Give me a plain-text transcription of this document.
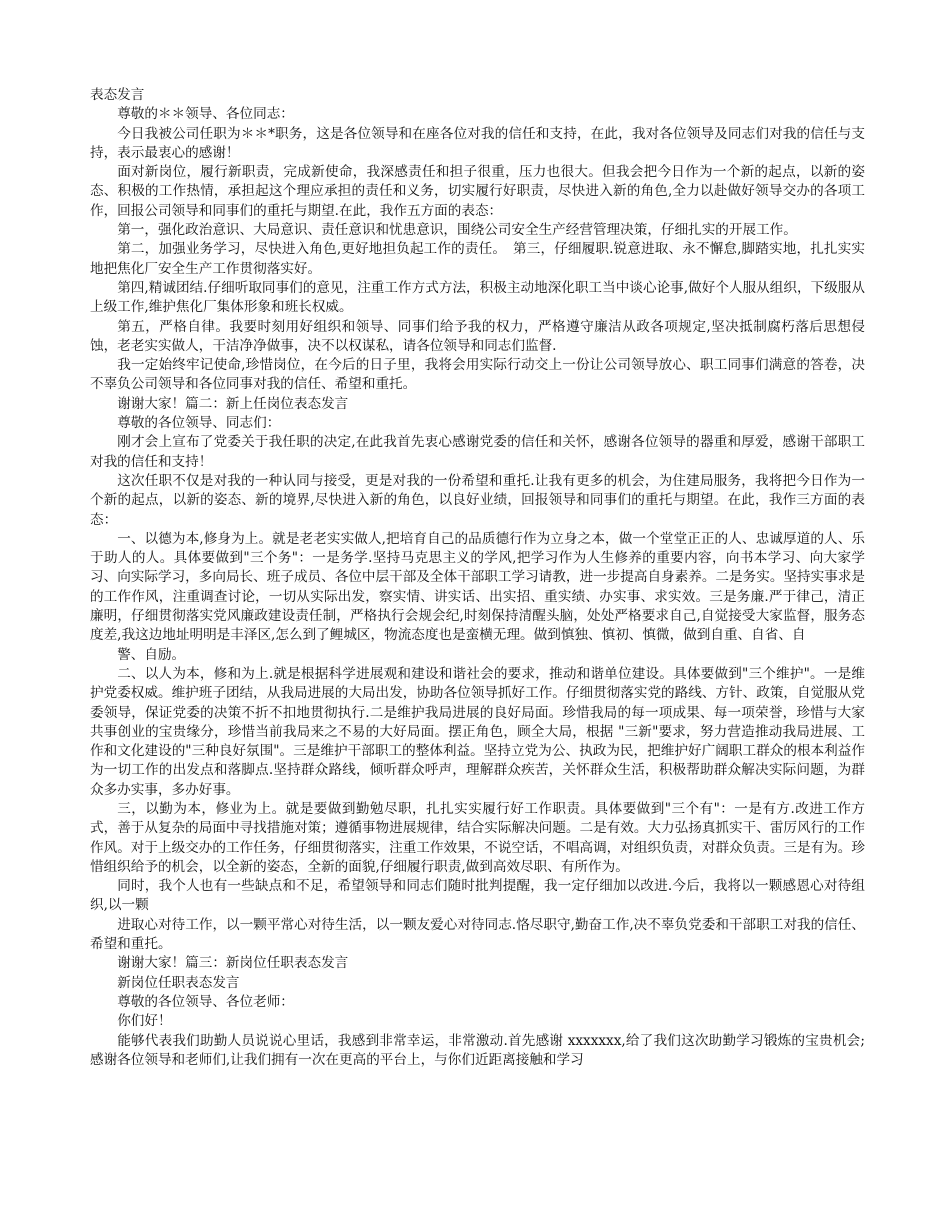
表态发言

尊敬的＊＊领导、各位同志：

今日我被公司任职为＊＊*职务，这是各位领导和在座各位对我的信任和支持，在此，我对各位领导及同志们对我的信任与支持，表示最衷心的感谢！

面对新岗位，履行新职责，完成新使命，我深感责任和担子很重，压力也很大。但我会把今日作为一个新的起点，以新的姿态、积极的工作热情，承担起这个理应承担的责任和义务，切实履行好职责，尽快进入新的角色,全力以赴做好领导交办的各项工作，回报公司领导和同事们的重托与期望.在此，我作五方面的表态：

第一，强化政治意识、大局意识、责任意识和忧患意识，围绕公司安全生产经营管理决策，仔细扎实的开展工作。

第二，加强业务学习，尽快进入角色,更好地担负起工作的责任。　第三，仔细履职.锐意进取、永不懈怠,脚踏实地，扎扎实实地把焦化厂安全生产工作贯彻落实好。

第四,精诚团结.仔细听取同事们的意见，注重工作方式方法，积极主动地深化职工当中谈心论事,做好个人服从组织，下级服从上级工作,维护焦化厂集体形象和班长权威。

第五，严格自律。我要时刻用好组织和领导、同事们给予我的权力，严格遵守廉洁从政各项规定,坚决抵制腐朽落后思想侵蚀，老老实实做人，干洁净净做事，决不以权谋私，请各位领导和同志们监督.

我一定始终牢记使命,珍惜岗位，在今后的日子里，我将会用实际行动交上一份让公司领导放心、职工同事们满意的答卷，决不辜负公司领导和各位同事对我的信任、希望和重托。

谢谢大家！篇二：新上任岗位表态发言

尊敬的各位领导、同志们：

刚才会上宣布了党委关于我任职的决定,在此我首先衷心感谢党委的信任和关怀，感谢各位领导的器重和厚爱，感谢干部职工对我的信任和支持！

这次任职不仅是对我的一种认同与接受，更是对我的一份希望和重托.让我有更多的机会，为住建局服务，我将把今日作为一个新的起点，以新的姿态、新的境界,尽快进入新的角色，以良好业绩，回报领导和同事们的重托与期望。在此，我作三方面的表态：

一、以德为本,修身为上。就是老老实实做人,把培育自己的品质德行作为立身之本，做一个堂堂正正的人、忠诚厚道的人、乐于助人的人。具体要做到"三个务"：一是务学.坚持马克思主义的学风,把学习作为人生修养的重要内容，向书本学习、向大家学习、向实际学习，多向局长、班子成员、各位中层干部及全体干部职工学习请教，进一步提高自身素养。二是务实。坚持实事求是的工作作风，注重调查讨论，一切从实际出发，察实情、讲实话、出实招、重实绩、办实事、求实效。三是务廉.严于律己，清正廉明，仔细贯彻落实党风廉政建设责任制，严格执行会规会纪,时刻保持清醒头脑，处处严格要求自己,自觉接受大家监督，服务态度差,我这边地址明明是丰泽区,怎么到了鲤城区，物流态度也是蛮横无理。做到慎独、慎初、慎微，做到自重、自省、自

警、自励。

二、以人为本，修和为上.就是根据科学进展观和建设和谐社会的要求，推动和谐单位建设。具体要做到"三个维护"。一是维护党委权威。维护班子团结，从我局进展的大局出发，协助各位领导抓好工作。仔细贯彻落实党的路线、方针、政策，自觉服从党委领导，保证党委的决策不折不扣地贯彻执行.二是维护我局进展的良好局面。珍惜我局的每一项成果、每一项荣誉，珍惜与大家共事创业的宝贵缘分，珍惜当前我局来之不易的大好局面。摆正角色，顾全大局，根据 "三新"要求，努力营造推动我局进展、工作和文化建设的"三种良好氛围"。三是维护干部职工的整体利益。坚持立党为公、执政为民，把维护好广阔职工群众的根本利益作为一切工作的出发点和落脚点.坚持群众路线，倾听群众呼声，理解群众疾苦，关怀群众生活，积极帮助群众解决实际问题，为群众多办实事，多办好事。

三，以勤为本，修业为上。就是要做到勤勉尽职，扎扎实实履行好工作职责。具体要做到"三个有"：一是有方.改进工作方式，善于从复杂的局面中寻找措施对策；遵循事物进展规律，结合实际解决问题。二是有效。大力弘扬真抓实干、雷厉风行的工作作风。对于上级交办的工作任务，仔细贯彻落实，注重工作效果，不说空话，不唱高调，对组织负责，对群众负责。三是有为。珍惜组织给予的机会，以全新的姿态，全新的面貌,仔细履行职责,做到高效尽职、有所作为。

同时，我个人也有一些缺点和不足，希望领导和同志们随时批判提醒，我一定仔细加以改进.今后，我将以一颗感恩心对待组织,以一颗

进取心对待工作，以一颗平常心对待生活，以一颗友爱心对待同志.恪尽职守,勤奋工作,决不辜负党委和干部职工对我的信任、希望和重托。

谢谢大家！篇三：新岗位任职表态发言

新岗位任职表态发言

尊敬的各位领导、各位老师：

你们好！

能够代表我们助勤人员说说心里话，我感到非常幸运，非常激动.首先感谢 xxxxxxx,给了我们这次助勤学习锻炼的宝贵机会;感谢各位领导和老师们,让我们拥有一次在更高的平台上，与你们近距离接触和学习
